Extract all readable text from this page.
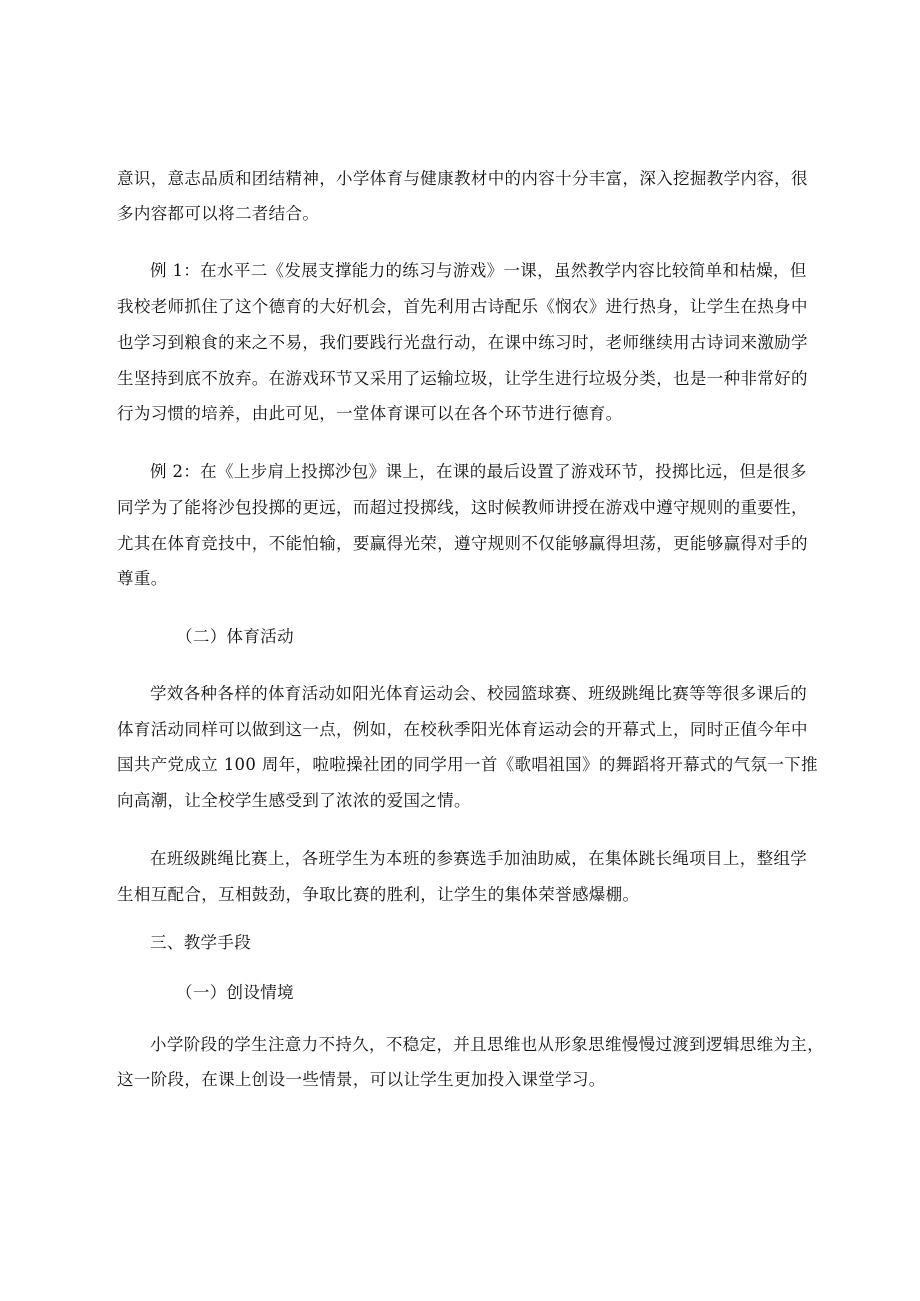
意识，意志品质和团结精神，小学体育与健康教材中的内容十分丰富，深入挖掘教学内容，很
多内容都可以将二者结合。
例 1：在水平二《发展支撑能力的练习与游戏》一课，虽然教学内容比较简单和枯燥，但
我校老师抓住了这个德育的大好机会，首先利用古诗配乐《悯农》进行热身，让学生在热身中
也学习到粮食的来之不易，我们要践行光盘行动，在课中练习时，老师继续用古诗词来激励学
生坚持到底不放弃。在游戏环节又采用了运输垃圾，让学生进行垃圾分类，也是一种非常好的
行为习惯的培养，由此可见，一堂体育课可以在各个环节进行德育。
例 2：在《上步肩上投掷沙包》课上，在课的最后设置了游戏环节，投掷比远，但是很多
同学为了能将沙包投掷的更远，而超过投掷线，这时候教师讲授在游戏中遵守规则的重要性，
尤其在体育竞技中，不能怕输，要赢得光荣，遵守规则不仅能够赢得坦荡，更能够赢得对手的
尊重。
（二）体育活动
学效各种各样的体育活动如阳光体育运动会、校园篮球赛、班级跳绳比赛等等很多课后的
体育活动同样可以做到这一点，例如，在校秋季阳光体育运动会的开幕式上，同时正值今年中
国共产党成立 100 周年，啦啦操社团的同学用一首《歌唱祖国》的舞蹈将开幕式的气氛一下推
向高潮，让全校学生感受到了浓浓的爱国之情。
在班级跳绳比赛上，各班学生为本班的参赛选手加油助威，在集体跳长绳项目上，整组学
生相互配合，互相鼓劲，争取比赛的胜利，让学生的集体荣誉感爆棚。
三、教学手段
（一）创设情境
小学阶段的学生注意力不持久，不稳定，并且思维也从形象思维慢慢过渡到逻辑思维为主，
这一阶段，在课上创设一些情景，可以让学生更加投入课堂学习。
